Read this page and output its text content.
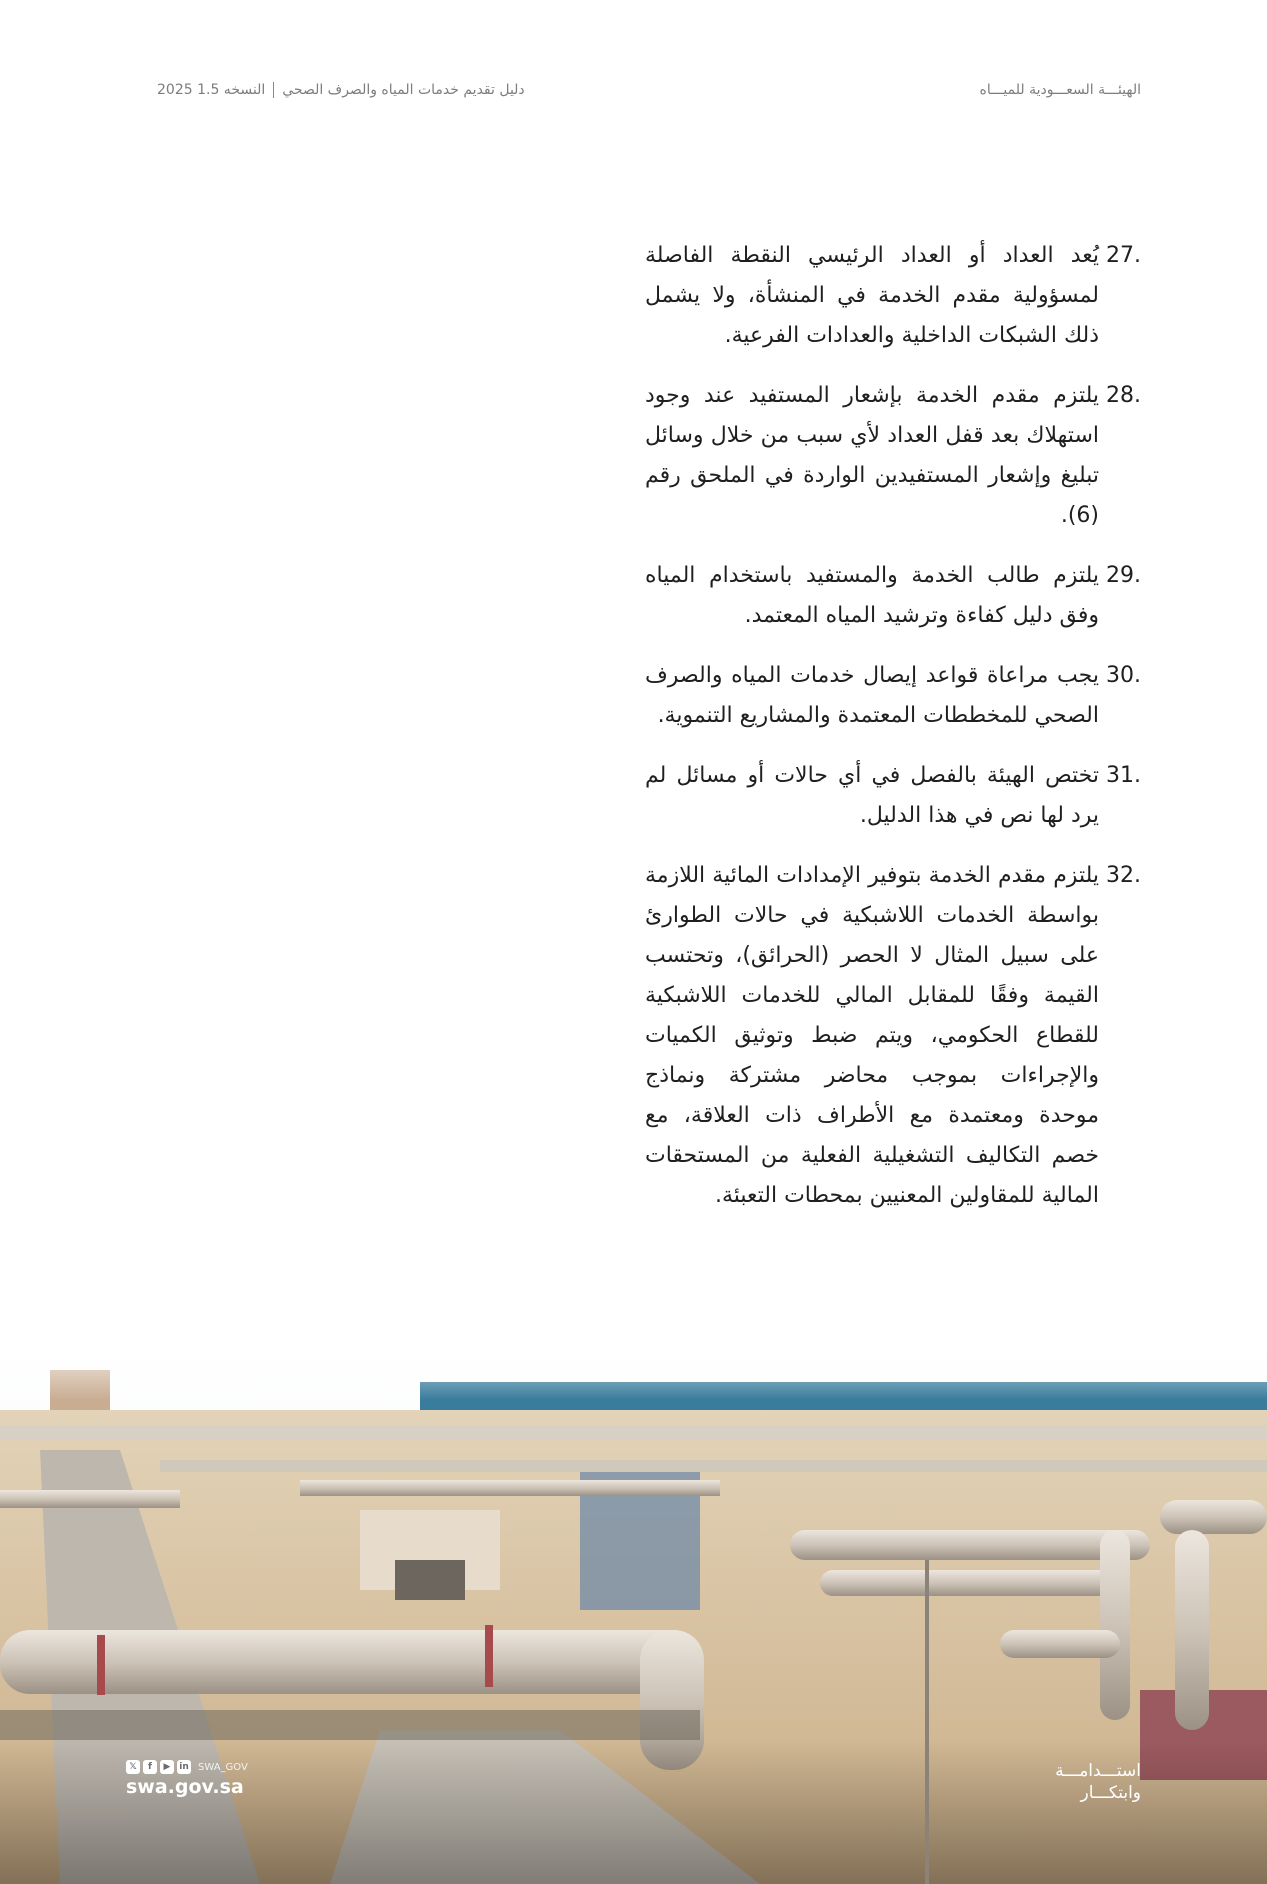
النسخه 1.5 2025 دليل تقديم خدمات المياه والصرف الصحي	الهيئـــة السعـــودية للميـــاه
27.

يُعد العداد أو العداد الرئيسي النقطة الفاصلة لمسؤولية مقدم الخدمة في المنشأة، ولا يشمل ذلك الشبكات الداخلية والعدادات الفرعية.

28.

يلتزم مقدم الخدمة بإشعار المستفيد عند وجود استهلاك بعد قفل العداد لأي سبب من خلال وسائل تبليغ وإشعار المستفيدين الواردة في الملحق رقم (6).

29.

يلتزم طالب الخدمة والمستفيد باستخدام المياه وفق دليل كفاءة وترشيد المياه المعتمد.

30.

يجب مراعاة قواعد إيصال خدمات المياه والصرف الصحي للمخططات المعتمدة والمشاريع التنموية.

31.

تختص الهيئة بالفصل في أي حالات أو مسائل لم يرد لها نص في هذا الدليل.

32.

يلتزم مقدم الخدمة بتوفير الإمدادات المائية اللازمة بواسطة الخدمات اللاشبكية في حالات الطوارئ على سبيل المثال لا الحصر (الحرائق)، وتحتسب القيمة وفقًا للمقابل المالي للخدمات اللاشبكية للقطاع الحكومي، ويتم ضبط وتوثيق الكميات والإجراءات بموجب محاضر مشتركة ونماذج موحدة ومعتمدة مع الأطراف ذات العلاقة، مع خصم التكاليف التشغيلية الفعلية من المستحقات المالية للمقاولين المعنيين بمحطات التعبئة.

𝕏	f	▶ in SWA_GOV
swa.gov.sa
استـــدامـــة
وابتكـــار
